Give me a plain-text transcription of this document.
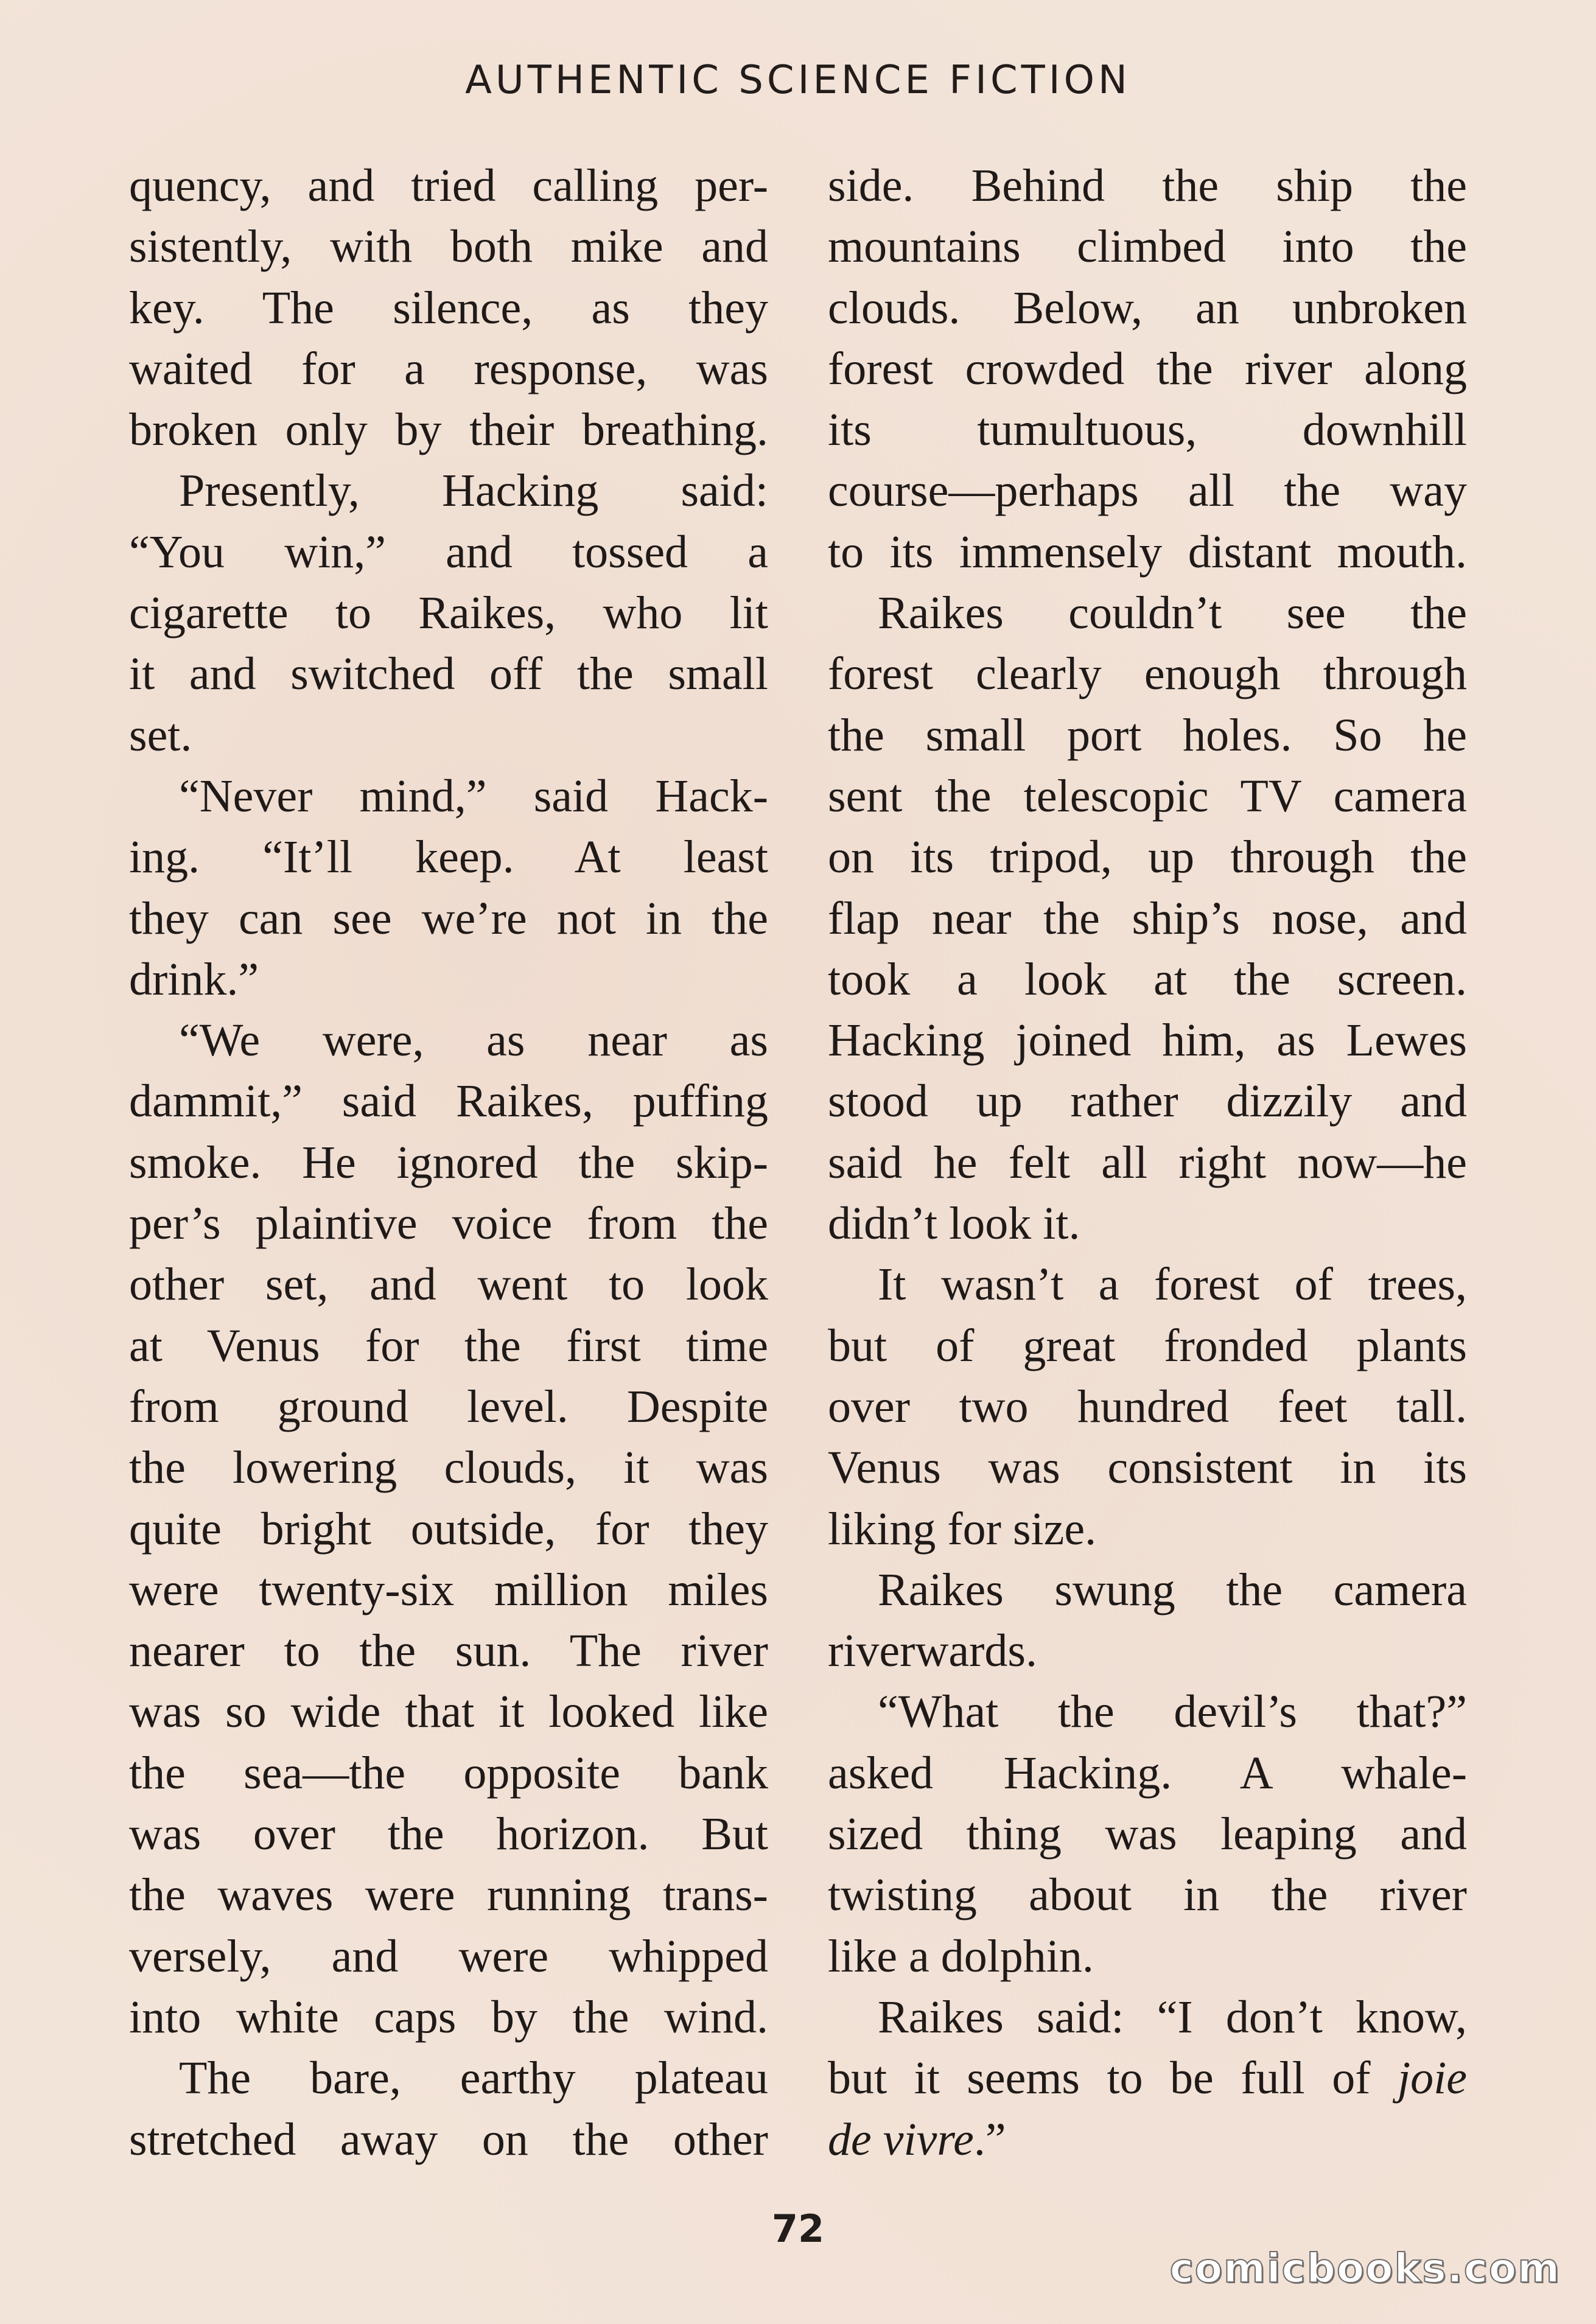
AUTHENTIC SCIENCE FICTION
quency, and tried calling per-
sistently, with both mike and
key. The silence, as they
waited for a response, was
broken only by their breathing.
Presently, Hacking said:
“You win,” and tossed a
cigarette to Raikes, who lit
it and switched off the small
set.
“Never mind,” said Hack-
ing. “It’ll keep. At least
they can see we’re not in the
drink.”
“We were, as near as
dammit,” said Raikes, puffing
smoke. He ignored the skip-
per’s plaintive voice from the
other set, and went to look
at Venus for the first time
from ground level. Despite
the lowering clouds, it was
quite bright outside, for they
were twenty-six million miles
nearer to the sun. The river
was so wide that it looked like
the sea—the opposite bank
was over the horizon. But
the waves were running trans-
versely, and were whipped
into white caps by the wind.
The bare, earthy plateau
stretched away on the other
side. Behind the ship the
mountains climbed into the
clouds. Below, an unbroken
forest crowded the river along
its tumultuous, downhill
course—perhaps all the way
to its immensely distant mouth.
Raikes couldn’t see the
forest clearly enough through
the small port holes. So he
sent the telescopic TV camera
on its tripod, up through the
flap near the ship’s nose, and
took a look at the screen.
Hacking joined him, as Lewes
stood up rather dizzily and
said he felt all right now—he
didn’t look it.
It wasn’t a forest of trees,
but of great fronded plants
over two hundred feet tall.
Venus was consistent in its
liking for size.
Raikes swung the camera
riverwards.
“What the devil’s that?”
asked Hacking. A whale-
sized thing was leaping and
twisting about in the river
like a dolphin.
Raikes said: “I don’t know,
but it seems to be full of joie
de vivre.”
72
comicbooks.com
